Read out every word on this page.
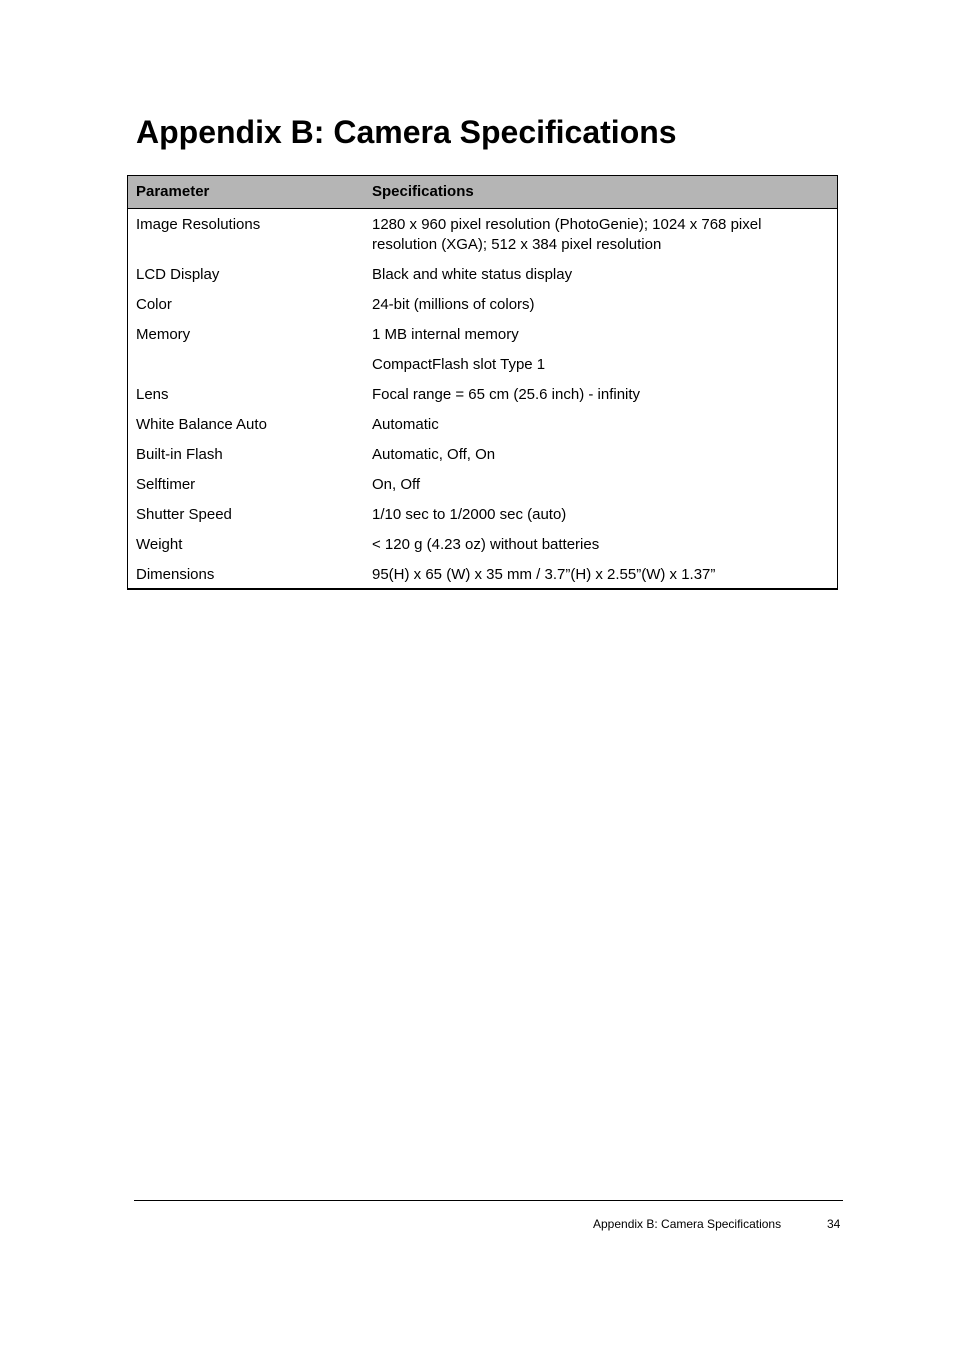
Appendix B: Camera Specifications
Parameter	Specifications
Image Resolutions	1280 x 960 pixel resolution (PhotoGenie); 1024 x 768 pixel resolution (XGA); 512 x 384 pixel resolution
LCD Display	Black and white status display
Color	24-bit (millions of colors)
Memory	1 MB internal memory
	CompactFlash slot Type 1
Lens	Focal range = 65 cm (25.6 inch) - infinity
White Balance Auto	Automatic
Built-in Flash	Automatic, Off, On
Selftimer	On, Off
Shutter Speed	1/10 sec to 1/2000 sec (auto)
Weight	< 120 g (4.23 oz) without batteries
Dimensions	95(H) x 65 (W) x 35 mm / 3.7”(H) x 2.55”(W) x 1.37”
Appendix B: Camera Specifications	34
